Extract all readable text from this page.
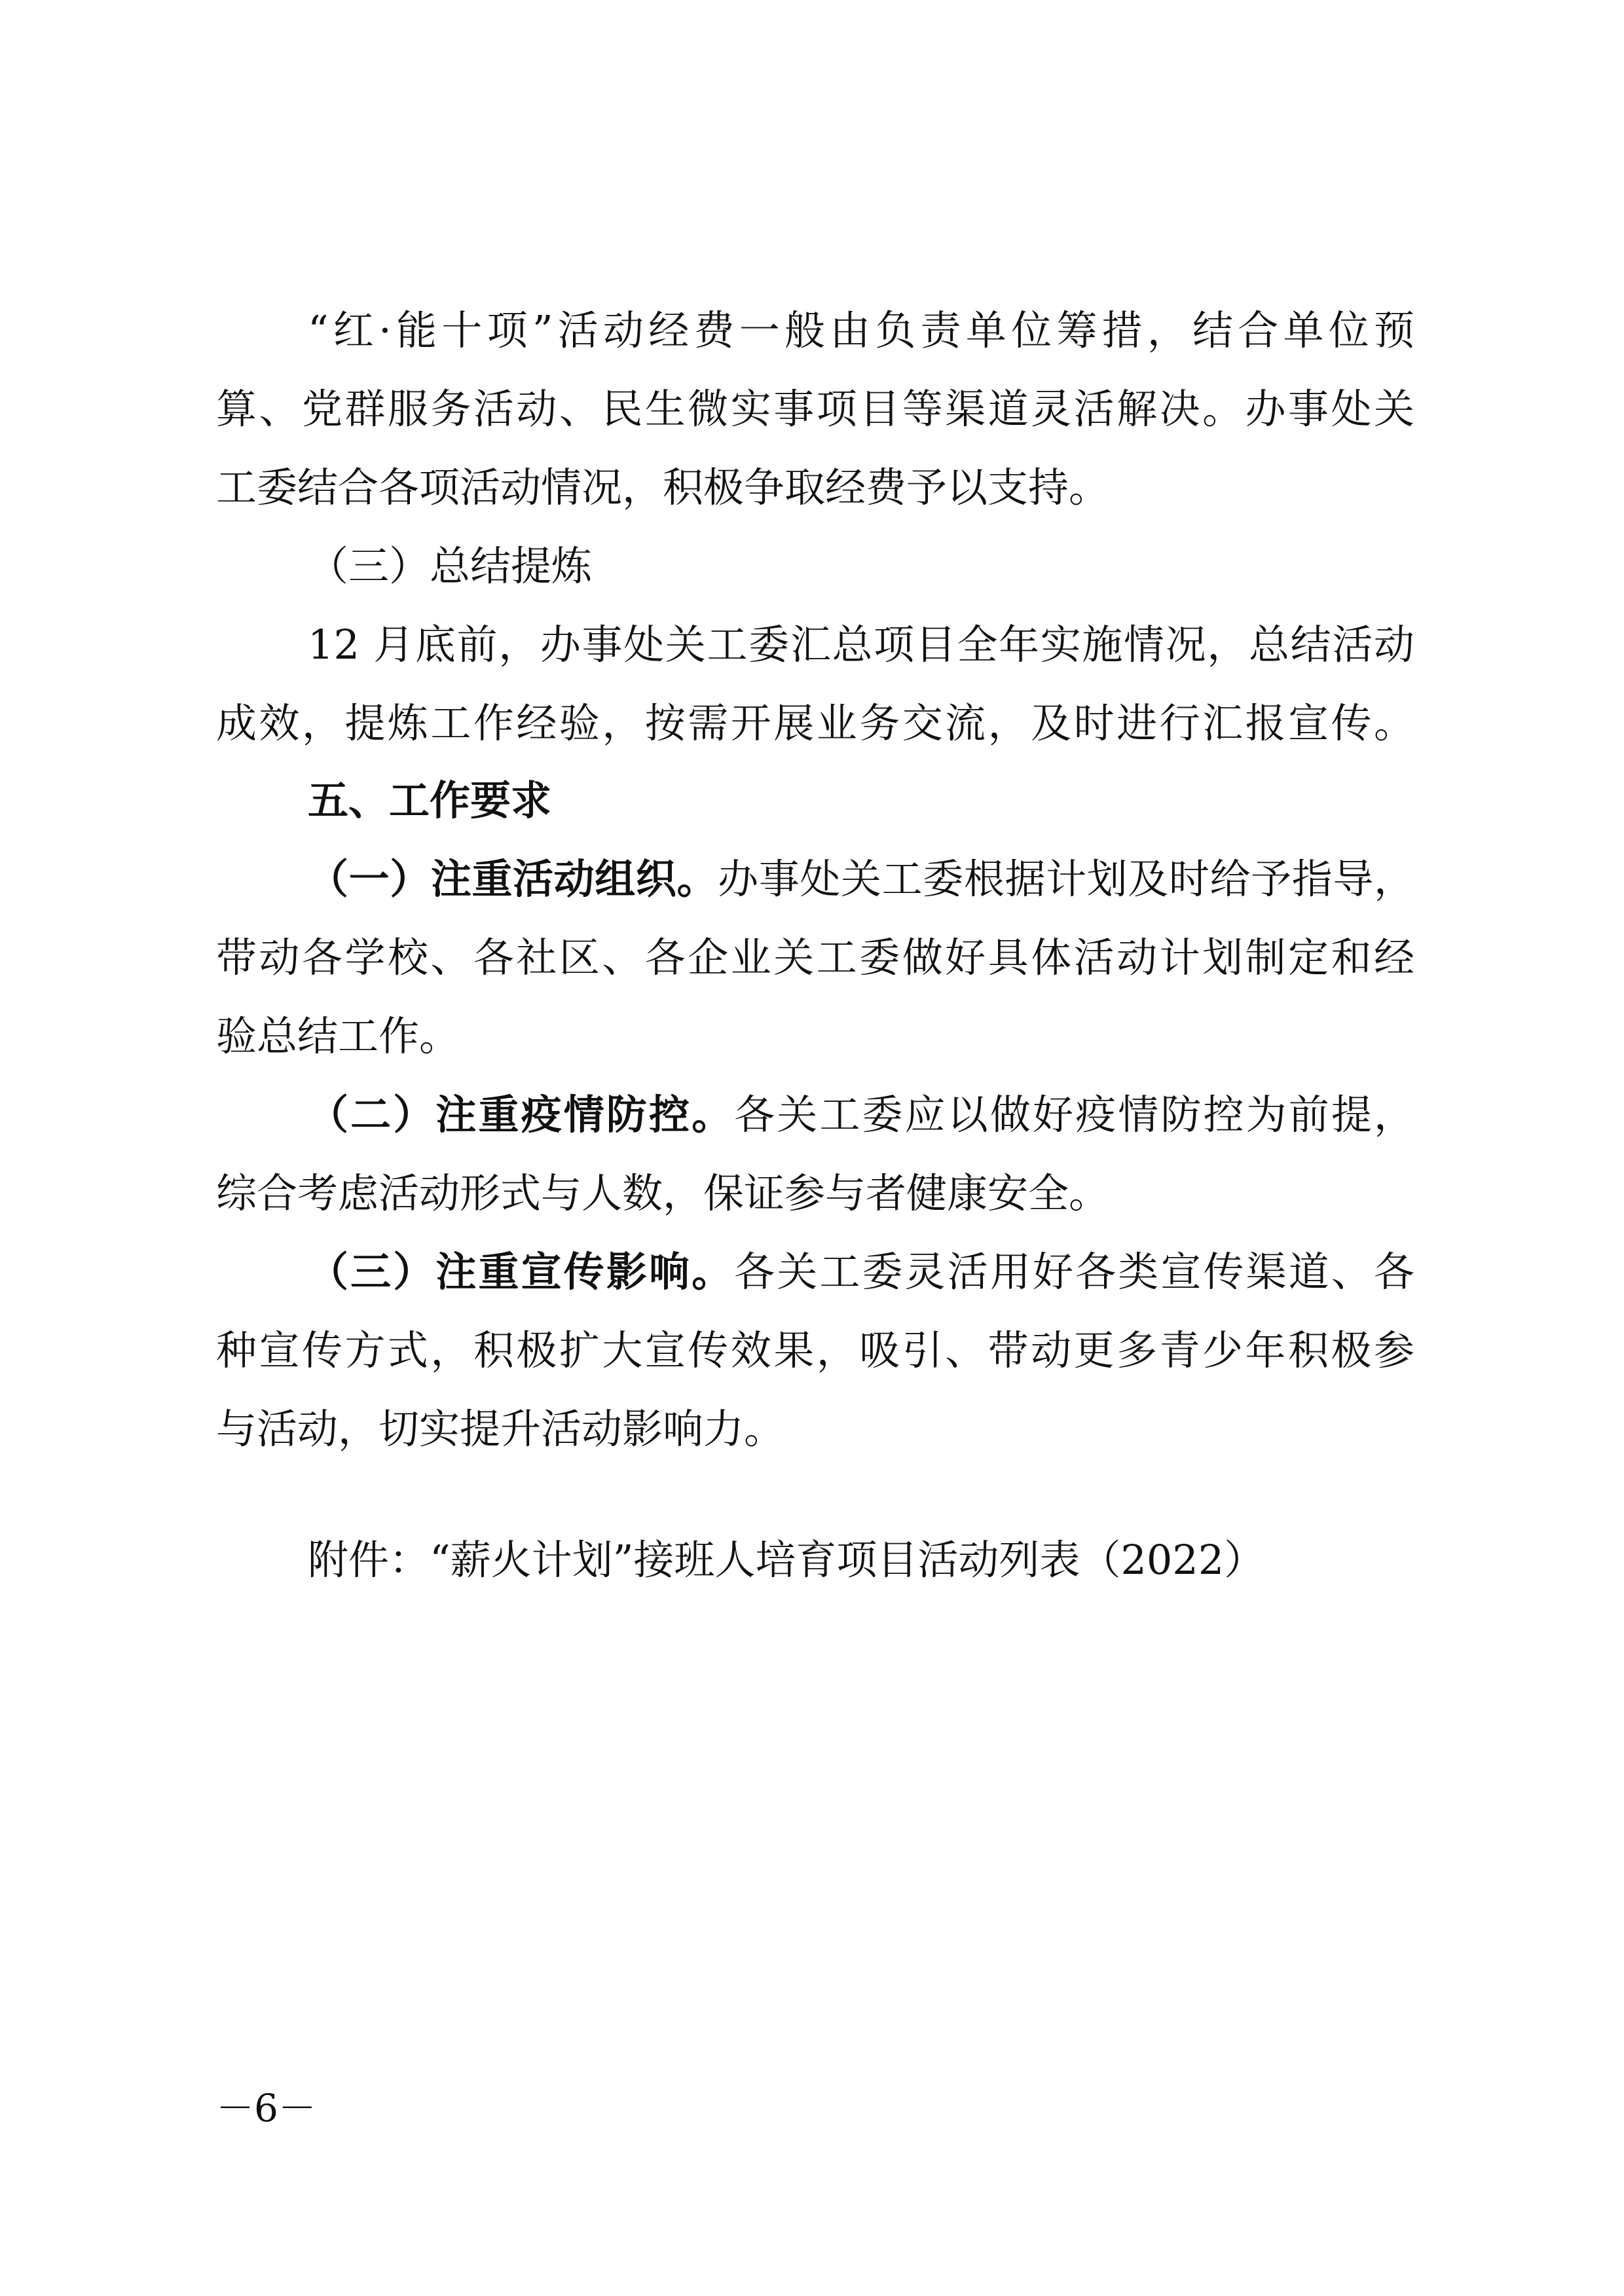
“红·能十项”活动经费一般由负责单位筹措，结合单位预
算、党群服务活动、民生微实事项目等渠道灵活解决。办事处关
工委结合各项活动情况，积极争取经费予以支持。
（三）总结提炼
12 月底前，办事处关工委汇总项目全年实施情况，总结活动
成效，提炼工作经验，按需开展业务交流，及时进行汇报宣传。
五、工作要求
（一）注重活动组织。办事处关工委根据计划及时给予指导，
带动各学校、各社区、各企业关工委做好具体活动计划制定和经
验总结工作。
（二）注重疫情防控。各关工委应以做好疫情防控为前提，
综合考虑活动形式与人数，保证参与者健康安全。
（三）注重宣传影响。各关工委灵活用好各类宣传渠道、各
种宣传方式，积极扩大宣传效果，吸引、带动更多青少年积极参
与活动，切实提升活动影响力。
附件：“薪火计划”接班人培育项目活动列表（2022）
－6－
